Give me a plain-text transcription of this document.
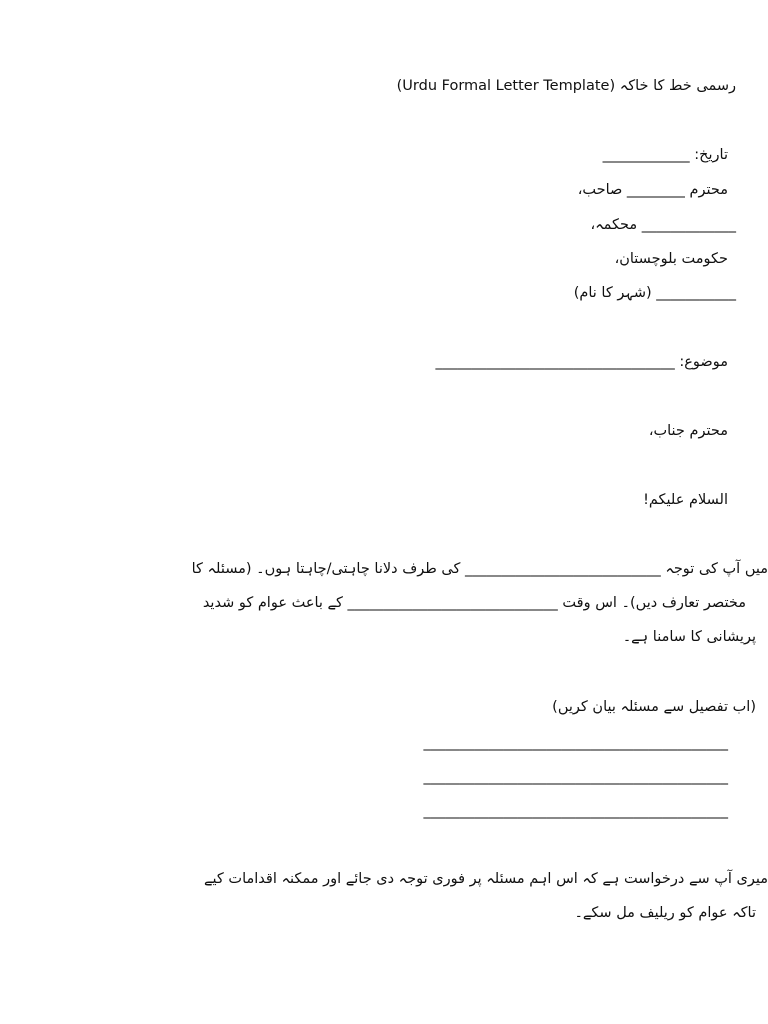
رسمی خط کا خاکہ (Urdu Formal Letter Template)
تاریخ: ____________
محترم ________ صاحب،
_____________ محکمہ،
حکومت بلوچستان،
___________ (شہر کا نام)
موضوع: _________________________________
محترم جناب،
السلام علیکم!
میں آپ کی توجہ ___________________________ کی طرف دلانا چاہتی/چاہتا ہوں۔ (مسئلہ کا
مختصر تعارف دیں)۔ اس وقت _____________________________ کے باعث عوام کو شدید
پریشانی کا سامنا ہے۔
(اب تفصیل سے مسئلہ بیان کریں)
__________________________________________
__________________________________________
__________________________________________
میری آپ سے درخواست ہے کہ اس اہم مسئلہ پر فوری توجہ دی جائے اور ممکنہ اقدامات کیے
تاکہ عوام کو ریلیف مل سکے۔
